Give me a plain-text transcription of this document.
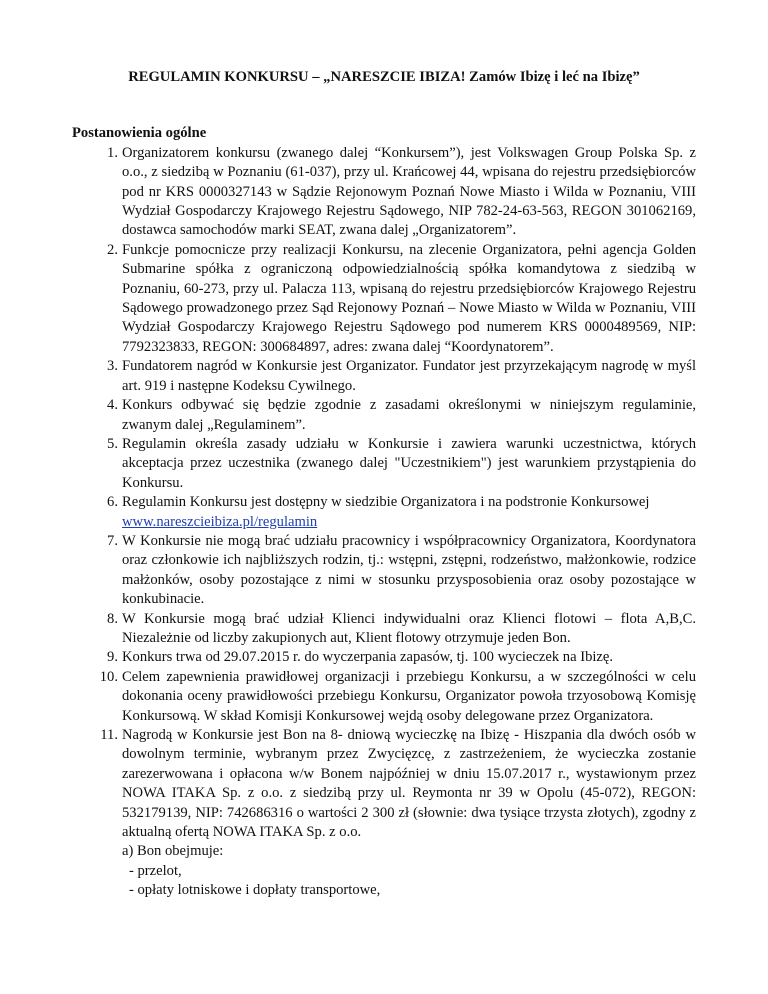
REGULAMIN KONKURSU – „NARESZCIE IBIZA! Zamów Ibizę i leć na Ibizę”

Postanowienia ogólne

1. Organizatorem konkursu (zwanego dalej “Konkursem”), jest Volkswagen Group Polska Sp. z o.o., z siedzibą w Poznaniu (61-037), przy ul. Krańcowej 44, wpisana do rejestru przedsiębiorców pod nr KRS 0000327143 w Sądzie Rejonowym Poznań Nowe Miasto i Wilda w Poznaniu, VIII Wydział Gospodarczy Krajowego Rejestru Sądowego, NIP 782-24-63-563, REGON 301062169, dostawca samochodów marki SEAT, zwana dalej „Organizatorem”.
2. Funkcje pomocnicze przy realizacji Konkursu, na zlecenie Organizatora, pełni agencja Golden Submarine spółka z ograniczoną odpowiedzialnością spółka komandytowa z siedzibą w Poznaniu, 60-273, przy ul. Palacza 113, wpisaną do rejestru przedsiębiorców Krajowego Rejestru Sądowego prowadzonego przez Sąd Rejonowy Poznań – Nowe Miasto w Wilda w Poznaniu, VIII Wydział Gospodarczy Krajowego Rejestru Sądowego pod numerem KRS 0000489569, NIP: 7792323833, REGON: 300684897, adres: zwana dalej “Koordynatorem”.
3. Fundatorem nagród w Konkursie jest Organizator. Fundator jest przyrzekającym nagrodę w myśl art. 919 i następne Kodeksu Cywilnego.
4. Konkurs odbywać się będzie zgodnie z zasadami określonymi w niniejszym regulaminie, zwanym dalej „Regulaminem”.
5. Regulamin określa zasady udziału w Konkursie i zawiera warunki uczestnictwa, których akceptacja przez uczestnika (zwanego dalej "Uczestnikiem") jest warunkiem przystąpienia do Konkursu.
6. Regulamin Konkursu jest dostępny w siedzibie Organizatora i na podstronie Konkursowej
www.nareszcieibiza.pl/regulamin
7. W Konkursie nie mogą brać udziału pracownicy i współpracownicy Organizatora, Koordynatora oraz członkowie ich najbliższych rodzin, tj.: wstępni, zstępni, rodzeństwo, małżonkowie, rodzice małżonków, osoby pozostające z nimi w stosunku przysposobienia oraz osoby pozostające w konkubinacie.
8. W Konkursie mogą brać udział Klienci indywidualni oraz Klienci flotowi – flota A,B,C. Niezależnie od liczby zakupionych aut, Klient flotowy otrzymuje jeden Bon.
9. Konkurs trwa od 29.07.2015 r. do wyczerpania zapasów, tj. 100 wycieczek na Ibizę.
10. Celem zapewnienia prawidłowej organizacji i przebiegu Konkursu, a w szczególności w celu dokonania oceny prawidłowości przebiegu Konkursu, Organizator powoła trzyosobową Komisję Konkursową. W skład Komisji Konkursowej wejdą osoby delegowane przez Organizatora.
11. Nagrodą w Konkursie jest Bon na 8- dniową wycieczkę na Ibizę - Hiszpania dla dwóch osób w dowolnym terminie, wybranym przez Zwycięzcę, z zastrzeżeniem, że wycieczka zostanie zarezerwowana i opłacona w/w Bonem najpóźniej w dniu 15.07.2017 r., wystawionym przez NOWA ITAKA Sp. z o.o. z siedzibą przy ul. Reymonta nr 39 w Opolu (45-072), REGON: 532179139, NIP: 742686316 o wartości 2 300 zł (słownie: dwa tysiące trzysta złotych), zgodny z aktualną ofertą NOWA ITAKA Sp. z o.o.

a) Bon obejmuje:

- przelot,
- opłaty lotniskowe i dopłaty transportowe,
